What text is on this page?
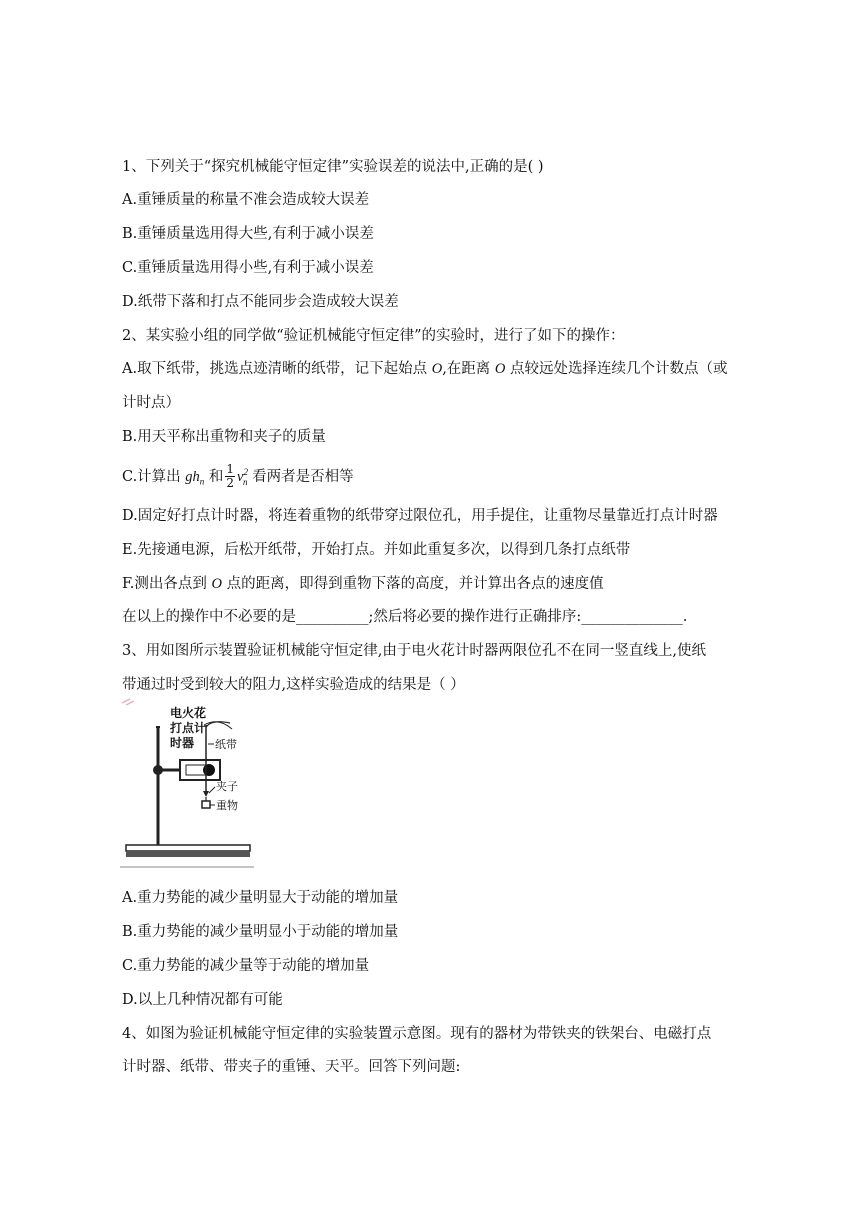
1、下列关于“探究机械能守恒定律”实验误差的说法中,正确的是( )
A.重锤质量的称量不准会造成较大误差
B.重锤质量选用得大些,有利于减小误差
C.重锤质量选用得小些,有利于减小误差
D.纸带下落和打点不能同步会造成较大误差
2、某实验小组的同学做“验证机械能守恒定律”的实验时，进行了如下的操作：
A.取下纸带，挑选点迹清晰的纸带，记下起始点 O,在距离 O 点较远处选择连续几个计数点（或
计时点）
B.用天平称出重物和夹子的质量
C.计算出 $gh_n$ 和 $\frac{1}{2} v^2_n$ 看两者是否相等
D.固定好打点计时器，将连着重物的纸带穿过限位孔，用手提住，让重物尽量靠近打点计时器
E.先接通电源，后松开纸带，开始打点。并如此重复多次，以得到几条打点纸带
F.测出各点到 O 点的距离，即得到重物下落的高度，并计算出各点的速度值
在以上的操作中不必要的是__________;然后将必要的操作进行正确排序:______________.
3、用如图所示装置验证机械能守恒定律,由于电火花计时器两限位孔不在同一竖直线上,使纸
带通过时受到较大的阻力,这样实验造成的结果是（ ）
电火花
打点计
时器 纸带
夹子
重物
A.重力势能的减少量明显大于动能的增加量
B.重力势能的减少量明显小于动能的增加量
C.重力势能的减少量等于动能的增加量
D.以上几种情况都有可能
4、如图为验证机械能守恒定律的实验装置示意图。现有的器材为带铁夹的铁架台、电磁打点
计时器、纸带、带夹子的重锤、天平。回答下列问题:
